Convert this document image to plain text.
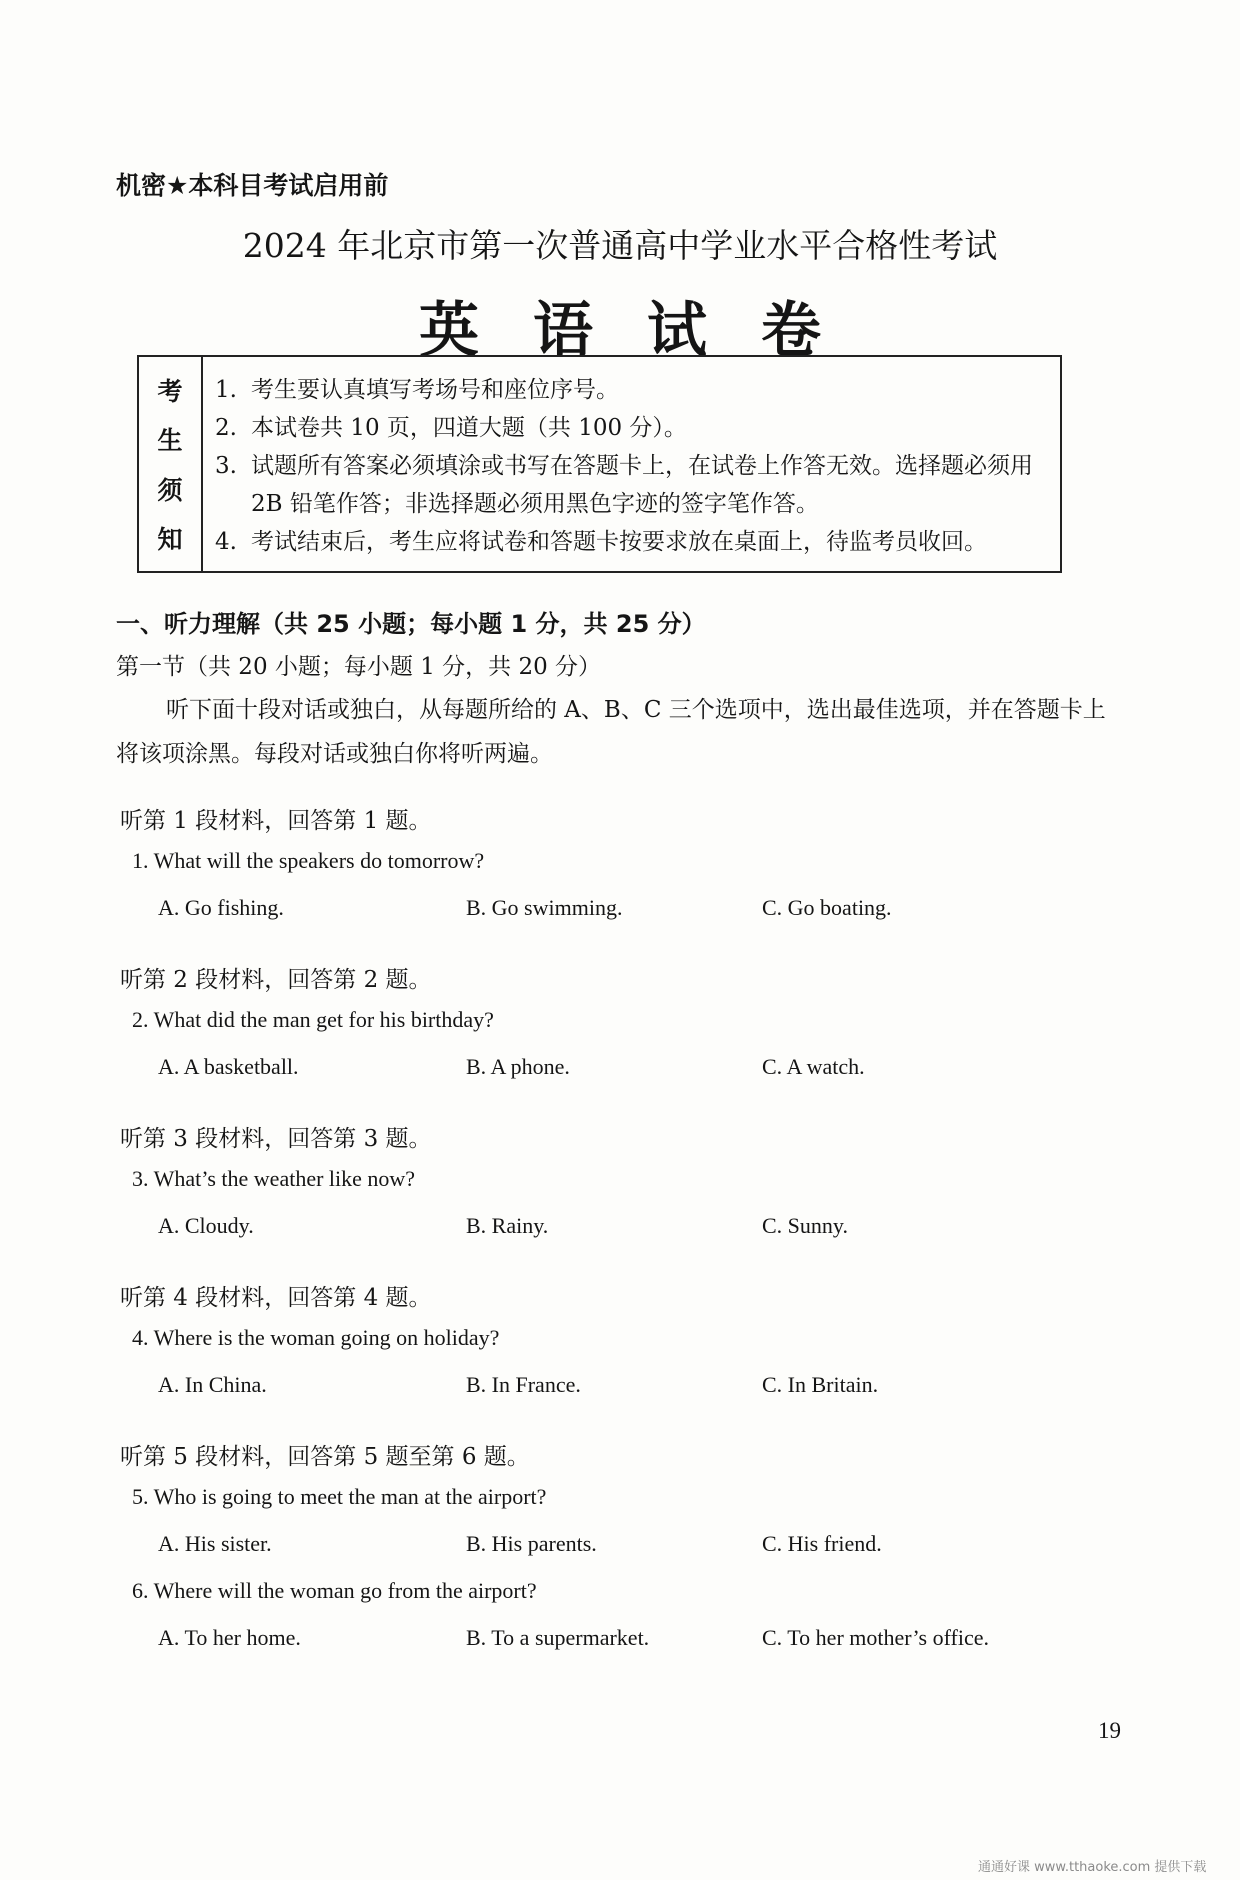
机密★本科目考试启用前
2024 年北京市第一次普通高中学业水平合格性考试
英语试卷
考
生
须
知
1. 考生要认真填写考场号和座位序号。
2. 本试卷共 10 页，四道大题（共 100 分）。
3. 试题所有答案必须填涂或书写在答题卡上，在试卷上作答无效。选择题必须用 2B 铅笔作答；非选择题必须用黑色字迹的签字笔作答。
4. 考试结束后，考生应将试卷和答题卡按要求放在桌面上，待监考员收回。
一、听力理解（共 25 小题；每小题 1 分，共 25 分）
第一节（共 20 小题；每小题 1 分，共 20 分）
听下面十段对话或独白，从每题所给的 A、B、C 三个选项中，选出最佳选项，并在答题卡上将该项涂黑。每段对话或独白你将听两遍。
听第 1 段材料，回答第 1 题。
1. What will the speakers do tomorrow?
A. Go fishing.	B. Go swimming.	C. Go boating.
听第 2 段材料，回答第 2 题。
2. What did the man get for his birthday?
A. A basketball.	B. A phone.	C. A watch.
听第 3 段材料，回答第 3 题。
3. What’s the weather like now?
A. Cloudy.	B. Rainy.	C. Sunny.
听第 4 段材料，回答第 4 题。
4. Where is the woman going on holiday?
A. In China.	B. In France.	C. In Britain.
听第 5 段材料，回答第 5 题至第 6 题。
5. Who is going to meet the man at the airport?
A. His sister.	B. His parents.	C. His friend.
6. Where will the woman go from the airport?
A. To her home.	B. To a supermarket.	C. To her mother’s office.
19
通通好课 www.tthaoke.com 提供下载
